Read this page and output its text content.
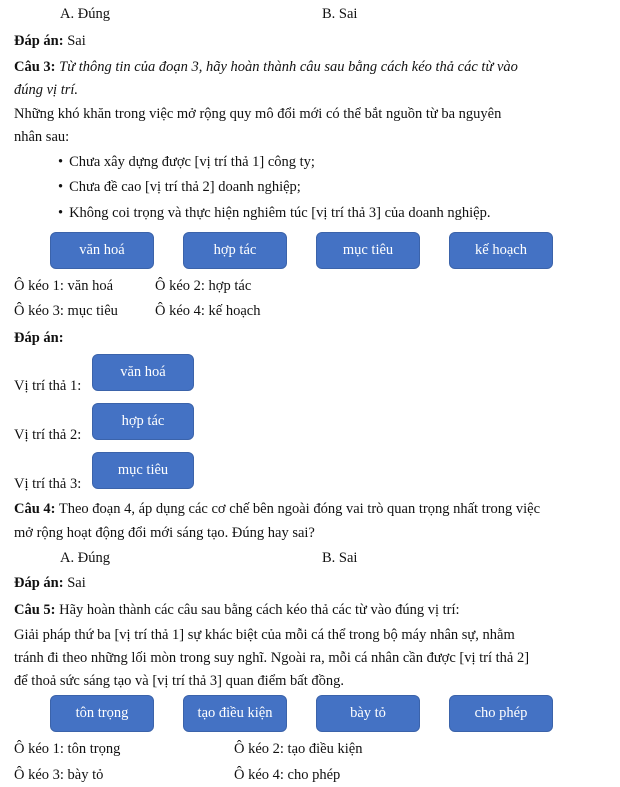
A. Đúng	B. Sai
Đáp án: Sai
Câu 3: Từ thông tin của đoạn 3, hãy hoàn thành câu sau bằng cách kéo thả các từ vào
đúng vị trí.
Những khó khăn trong việc mở rộng quy mô đổi mới có thể bắt nguồn từ ba nguyên
nhân sau:
• Chưa xây dựng được [vị trí thả 1] công ty;
• Chưa đề cao [vị trí thả 2] doanh nghiệp;
• Không coi trọng và thực hiện nghiêm túc [vị trí thả 3] của doanh nghiệp.
văn hoá	hợp tác	mục tiêu	kế hoạch
Ô kéo 1: văn hoá	Ô kéo 2: hợp tác
Ô kéo 3: mục tiêu	Ô kéo 4: kế hoạch
Đáp án:
Vị trí thả 1:
văn hoá
Vị trí thả 2:
hợp tác
Vị trí thả 3:
mục tiêu
Câu 4: Theo đoạn 4, áp dụng các cơ chế bên ngoài đóng vai trò quan trọng nhất trong việc
mở rộng hoạt động đổi mới sáng tạo. Đúng hay sai?
A. Đúng	B. Sai
Đáp án: Sai
Câu 5: Hãy hoàn thành các câu sau bằng cách kéo thả các từ vào đúng vị trí:
Giải pháp thứ ba [vị trí thả 1] sự khác biệt của mỗi cá thể trong bộ máy nhân sự, nhằm
tránh đi theo những lối mòn trong suy nghĩ. Ngoài ra, mỗi cá nhân cần được [vị trí thả 2]
để thoả sức sáng tạo và [vị trí thả 3] quan điểm bất đồng.
tôn trọng	tạo điều kiện	bày tỏ	cho phép
Ô kéo 1: tôn trọng	Ô kéo 2: tạo điều kiện
Ô kéo 3: bày tỏ	Ô kéo 4: cho phép
